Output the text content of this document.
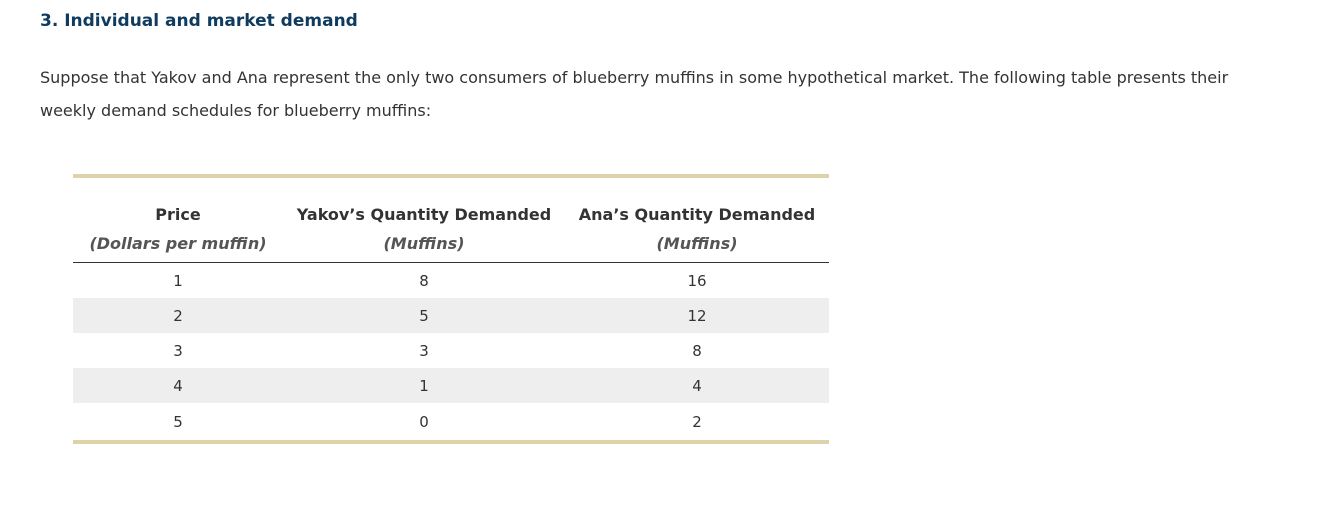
3. Individual and market demand

Suppose that Yakov and Ana represent the only two consumers of blueberry muffins in some hypothetical market. The following table presents their weekly demand schedules for blueberry muffins:

Price	Yakov’s Quantity Demanded	Ana’s Quantity Demanded
(Dollars per muffin)	(Muffins)	(Muffins)
1	8	16
2	5	12
3	3	8
4	1	4
5	0	2
